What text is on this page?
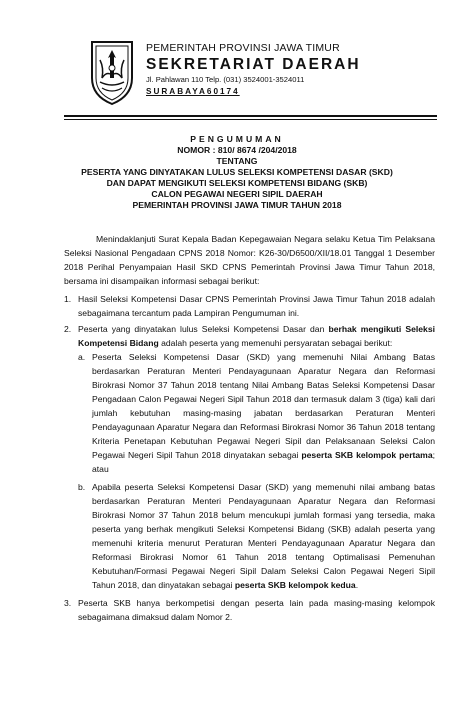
PEMERINTAH PROVINSI JAWA TIMUR
SEKRETARIAT DAERAH
Jl. Pahlawan 110 Telp. (031) 3524001-3524011
SURABAYA60174
PENGUMUMAN
NOMOR : 810/ 8674 /204/2018
TENTANG
PESERTA YANG DINYATAKAN LULUS SELEKSI KOMPETENSI DASAR (SKD)
DAN DAPAT MENGIKUTI SELEKSI KOMPETENSI BIDANG (SKB)
CALON PEGAWAI NEGERI SIPIL DAERAH
PEMERINTAH PROVINSI JAWA TIMUR TAHUN 2018

Menindaklanjuti Surat Kepala Badan Kepegawaian Negara selaku Ketua Tim Pelaksana Seleksi Nasional Pengadaan CPNS 2018 Nomor: K26-30/D6500/XII/18.01 Tanggal 1 Desember 2018 Perihal Penyampaian Hasil SKD CPNS Pemerintah Provinsi Jawa Timur Tahun 2018, bersama ini disampaikan informasi sebagai berikut:

1. Hasil Seleksi Kompetensi Dasar CPNS Pemerintah Provinsi Jawa Timur Tahun 2018 adalah sebagaimana tercantum pada Lampiran Pengumuman ini.
2. Peserta yang dinyatakan lulus Seleksi Kompetensi Dasar dan berhak mengikuti Seleksi Kompetensi Bidang adalah peserta yang memenuhi persyaratan sebagai berikut:
a. Peserta Seleksi Kompetensi Dasar (SKD) yang memenuhi Nilai Ambang Batas berdasarkan Peraturan Menteri Pendayagunaan Aparatur Negara dan Reformasi Birokrasi Nomor 37 Tahun 2018 tentang Nilai Ambang Batas Seleksi Kompetensi Dasar Pengadaan Calon Pegawai Negeri Sipil Tahun 2018 dan termasuk dalam 3 (tiga) kali dari jumlah kebutuhan masing-masing jabatan berdasarkan Peraturan Menteri Pendayagunaan Aparatur Negara dan Reformasi Birokrasi Nomor 36 Tahun 2018 tentang Kriteria Penetapan Kebutuhan Pegawai Negeri Sipil dan Pelaksanaan Seleksi Calon Pegawai Negeri Sipil Tahun 2018 dinyatakan sebagai peserta SKB kelompok pertama; atau
b. Apabila peserta Seleksi Kompetensi Dasar (SKD) yang memenuhi nilai ambang batas berdasarkan Peraturan Menteri Pendayagunaan Aparatur Negara dan Reformasi Birokrasi Nomor 37 Tahun 2018 belum mencukupi jumlah formasi yang tersedia, maka peserta yang berhak mengikuti Seleksi Kompetensi Bidang (SKB) adalah peserta yang memenuhi kriteria menurut Peraturan Menteri Pendayagunaan Aparatur Negara dan Reformasi Birokrasi Nomor 61 Tahun 2018 tentang Optimalisasi Pemenuhan Kebutuhan/Formasi Pegawai Negeri Sipil Dalam Seleksi Calon Pegawai Negeri Sipil Tahun 2018, dan dinyatakan sebagai peserta SKB kelompok kedua.
3. Peserta SKB hanya berkompetisi dengan peserta lain pada masing-masing kelompok sebagaimana dimaksud dalam Nomor 2.
